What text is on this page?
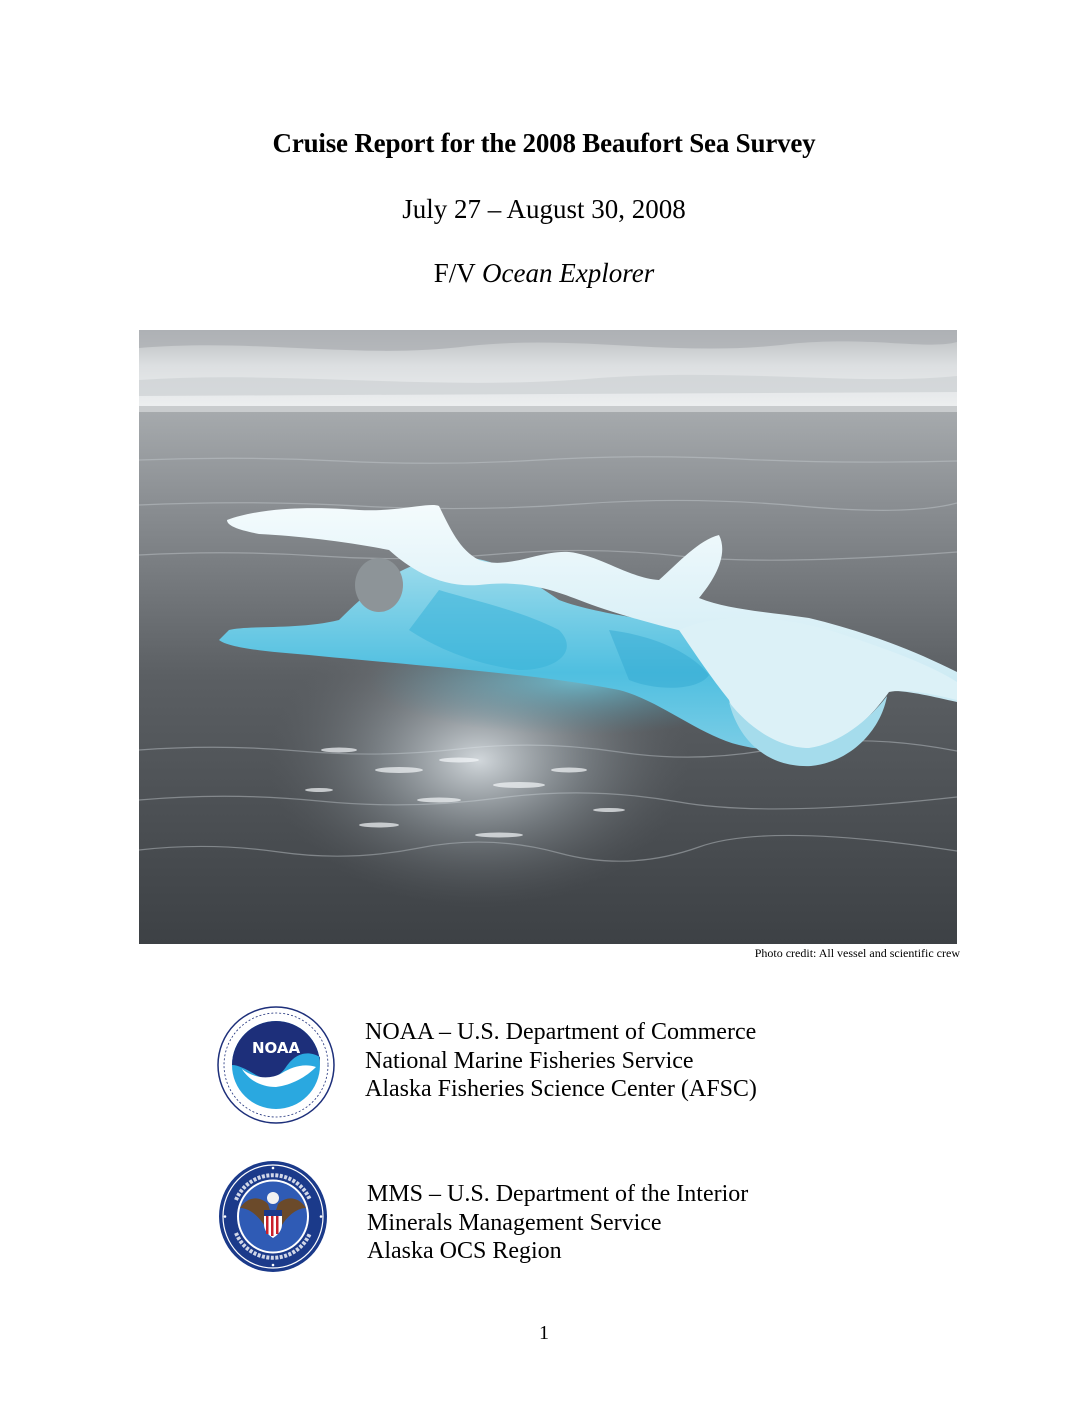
Cruise Report for the 2008 Beaufort Sea Survey
July 27 – August 30, 2008
F/V Ocean Explorer
Photo credit: All vessel and scientific crew
NOAA
NOAA – U.S. Department of Commerce
National Marine Fisheries Service
Alaska Fisheries Science Center (AFSC)
MMS – U.S. Department of the Interior
Minerals Management Service
Alaska OCS Region
1
